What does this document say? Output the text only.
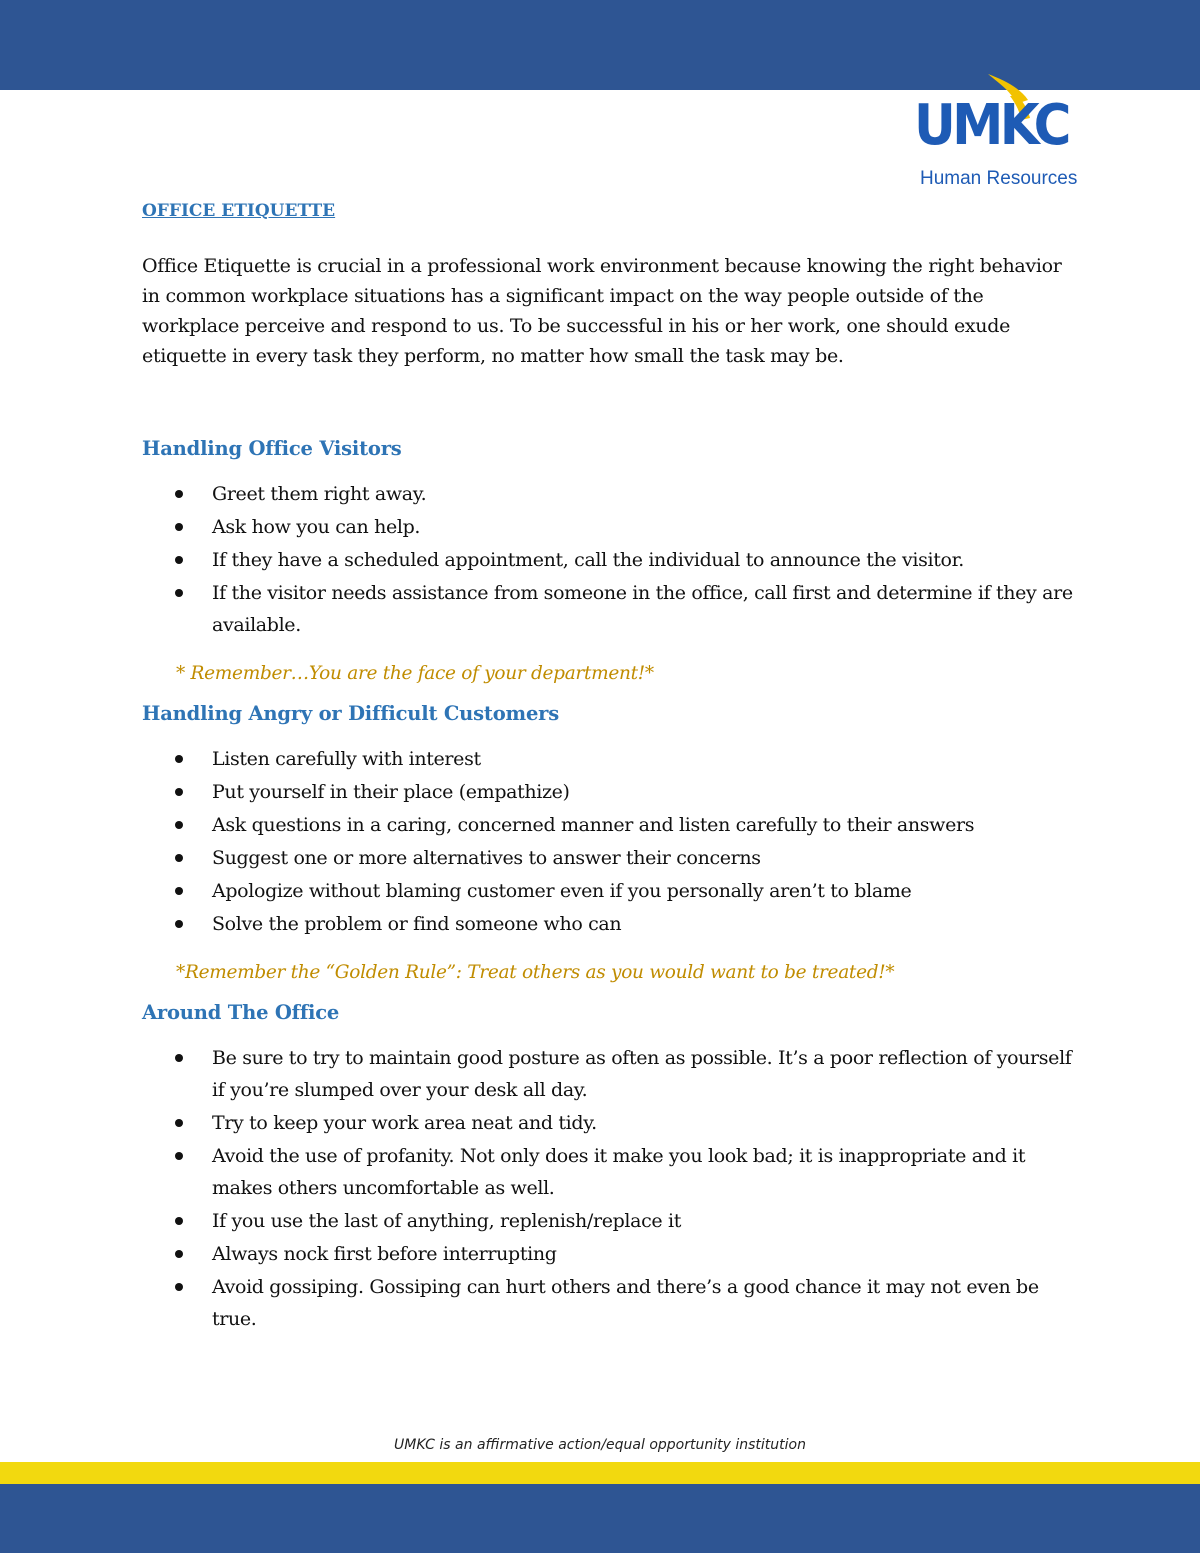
UMKC
Human Resources
OFFICE ETIQUETTE

Office Etiquette is crucial in a professional work environment because knowing the right behavior in common workplace situations has a significant impact on the way people outside of the workplace perceive and respond to us. To be successful in his or her work, one should exude etiquette in every task they perform, no matter how small the task may be.

Handling Office Visitors
Greet them right away.
Ask how you can help.
If they have a scheduled appointment, call the individual to announce the visitor.
If the visitor needs assistance from someone in the office, call first and determine if they are available.

* Remember…You are the face of your department!*

Handling Angry or Difficult Customers
Listen carefully with interest
Put yourself in their place (empathize)
Ask questions in a caring, concerned manner and listen carefully to their answers
Suggest one or more alternatives to answer their concerns
Apologize without blaming customer even if you personally aren’t to blame
Solve the problem or find someone who can

*Remember the “Golden Rule”: Treat others as you would want to be treated!*

Around The Office
Be sure to try to maintain good posture as often as possible. It’s a poor reflection of yourself if you’re slumped over your desk all day.
Try to keep your work area neat and tidy.
Avoid the use of profanity. Not only does it make you look bad; it is inappropriate and it makes others uncomfortable as well.
If you use the last of anything, replenish/replace it
Always nock first before interrupting
Avoid gossiping. Gossiping can hurt others and there’s a good chance it may not even be true.
UMKC is an affirmative action/equal opportunity institution
